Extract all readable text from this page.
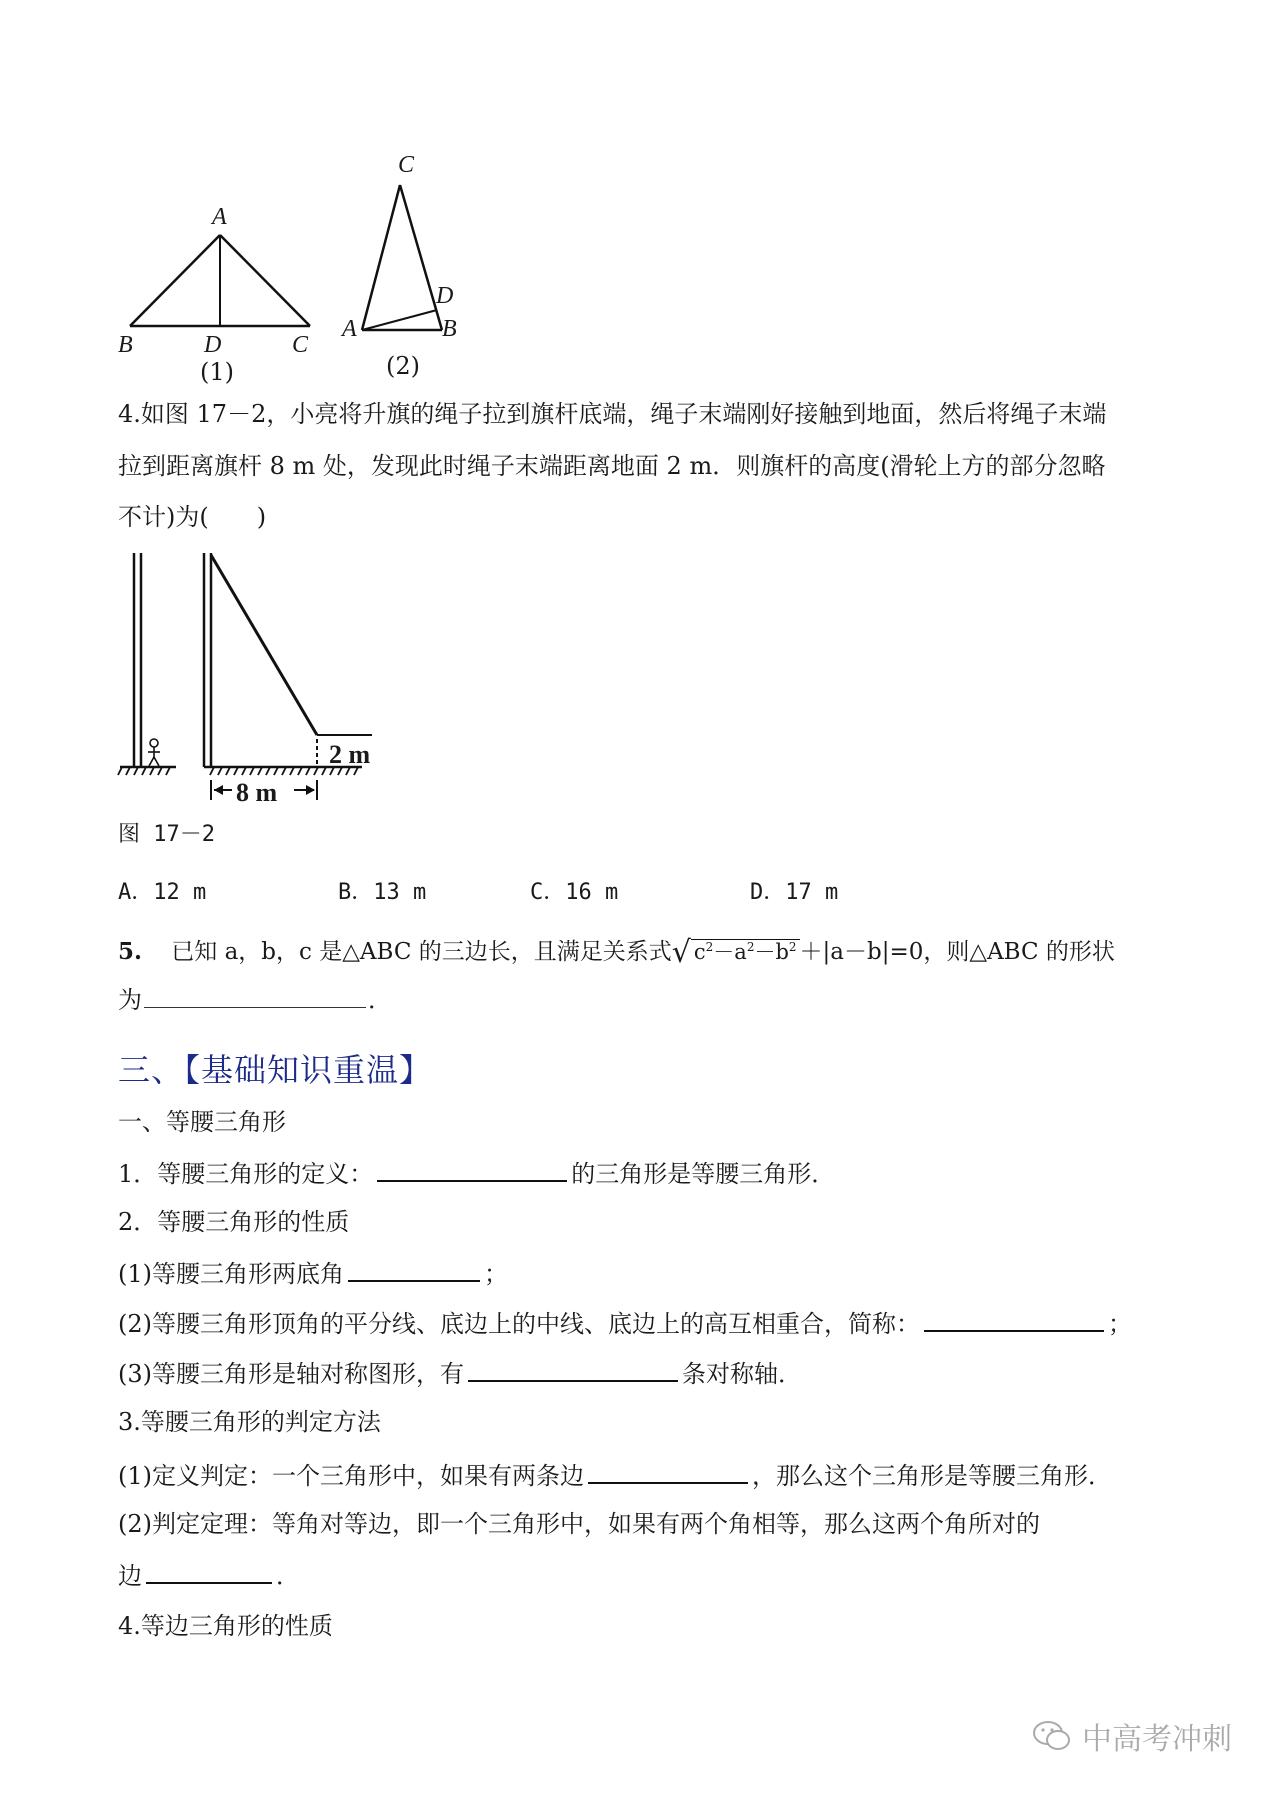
A
B	D	C
(1)
C
D
A	B
(2)
4.如图 17－2，小亮将升旗的绳子拉到旗杆底端，绳子末端刚好接触到地面，然后将绳子末端
拉到距离旗杆 8 m 处，发现此时绳子末端距离地面 2 m．则旗杆的高度(滑轮上方的部分忽略
不计)为(　　)
2 m
8 m
图 17－2
A．12 m	B．13 m	C．16 m	D．17 m
5. 已知 a，b，c 是△ABC 的三边长，且满足关系式√ $c^2-a^2-b^2 +|a-b|=0$，则△ABC 的形状
为	．
三、【基础知识重温】
一、等腰三角形
1．等腰三角形的定义：	的三角形是等腰三角形．
2．等腰三角形的性质
(1)等腰三角形两底角	；
(2)等腰三角形顶角的平分线、底边上的中线、底边上的高互相重合，简称：	；
(3)等腰三角形是轴对称图形，有	条对称轴．
3.等腰三角形的判定方法
(1)定义判定：一个三角形中，如果有两条边	，那么这个三角形是等腰三角形．
(2)判定定理：等角对等边，即一个三角形中，如果有两个角相等，那么这两个角所对的
边	．
4.等边三角形的性质
中高考冲刺
